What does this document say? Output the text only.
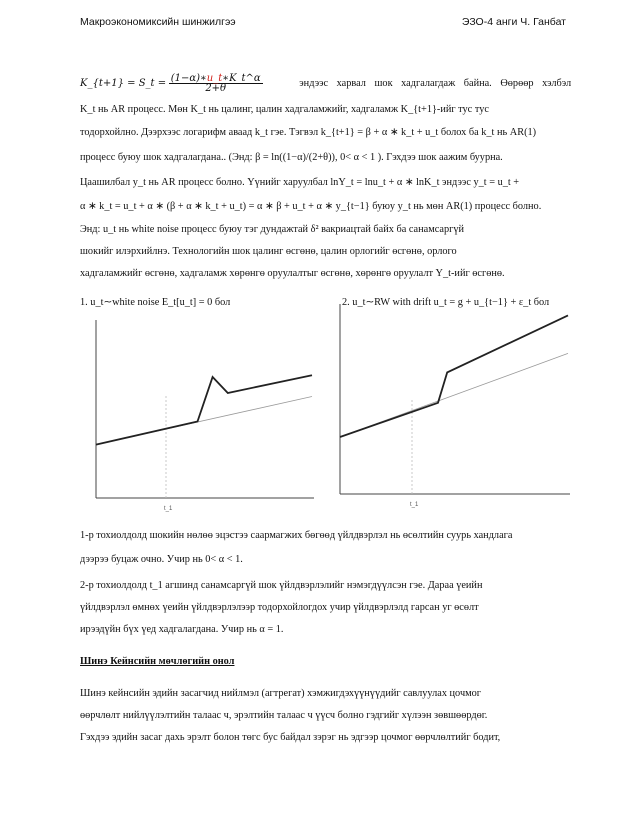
Макроэкономиксийн шинжилгээ	ЭЗО-4 анги Ч. Ганбат
K_{t+1} = S_t = $\frac{(1-\alpha)∗u\_t∗K\_t\^{}\alpha}{2+\theta}$	эндээс харвал шок хадгалагдаж байна. Өөрөөр хэлбэл
K_t нь AR процесс. Мөн K_t нь цалинг, цалин хадгаламжийг, хадгаламж K_{t+1}-ийг тус тус
тодорхойлно. Дээрхээс логарифм аваад k_t гэе. Тэгвэл k_{t+1} = β + α ∗ k_t + u_t болох ба k_t нь AR(1)
процесс буюу шок хадгалагдана.. (Энд: β = ln((1−α)/(2+θ)), 0< α < 1 ). Гэхдээ шок аажим буурна.
Цаашилбал y_t нь AR процесс болно. Үүнийг харуулбал lnY_t = lnu_t + α ∗ lnK_t эндээс y_t = u_t +
α ∗ k_t = u_t + α ∗ (β + α ∗ k_t + u_t) = α ∗ β + u_t + α ∗ y_{t−1} буюу y_t нь мөн AR(1) процесс болно.
Энд: u_t нь white noise процесс буюу тэг дундажтай δ² вакриацтай байх ба санамсаргүй
шокийг илэрхийлнэ. Технологийн шок цалинг өсгөнө, цалин орлогийг өсгөнө, орлого
хадгаламжийг өсгөнө, хадгаламж хөрөнгө оруулалтыг өсгөнө, хөрөнгө оруулалт Y_t-ийг өсгөнө.
1. u_t∼white noise E_t[u_t] = 0 бол	2. u_t∼RW with drift u_t = g + u_{t−1} + ε_t бол
t_1
t_1
1-р тохиолдолд шокийн нөлөө эцэстээ саармагжих бөгөөд үйлдвэрлэл нь өсөлтийн суурь хандлага
дээрээ буцаж очно. Учир нь 0< α < 1.
2-р тохиолдолд t_1 агшинд санамсаргүй шок үйлдвэрлэлийг нэмэгдүүлсэн гэе. Дараа үеийн
үйлдвэрлэл өмнөх үеийн үйлдвэрлэлээр тодорхойлогдох учир үйлдвэрлэлд гарсан уг өсөлт
ирээдүйн бүх үед хадгалагдана. Учир нь α = 1.
Шинэ Кейнсийн мөчлөгийн онол
Шинэ кейнсийн эдийн засагчид нийлмэл (агтрегат) хэмжигдэхүүнүүдийг савлуулах цочмог
өөрчлөлт нийлүүлэлтийн талаас ч, эрэлтийн талаас ч үүсч болно гэдгийг хүлээн зөвшөөрдөг.
Гэхдээ эдийн засаг дахь эрэлт болон төгс бус байдал зэрэг нь эдгээр цочмог өөрчлөлтийг бодит,
